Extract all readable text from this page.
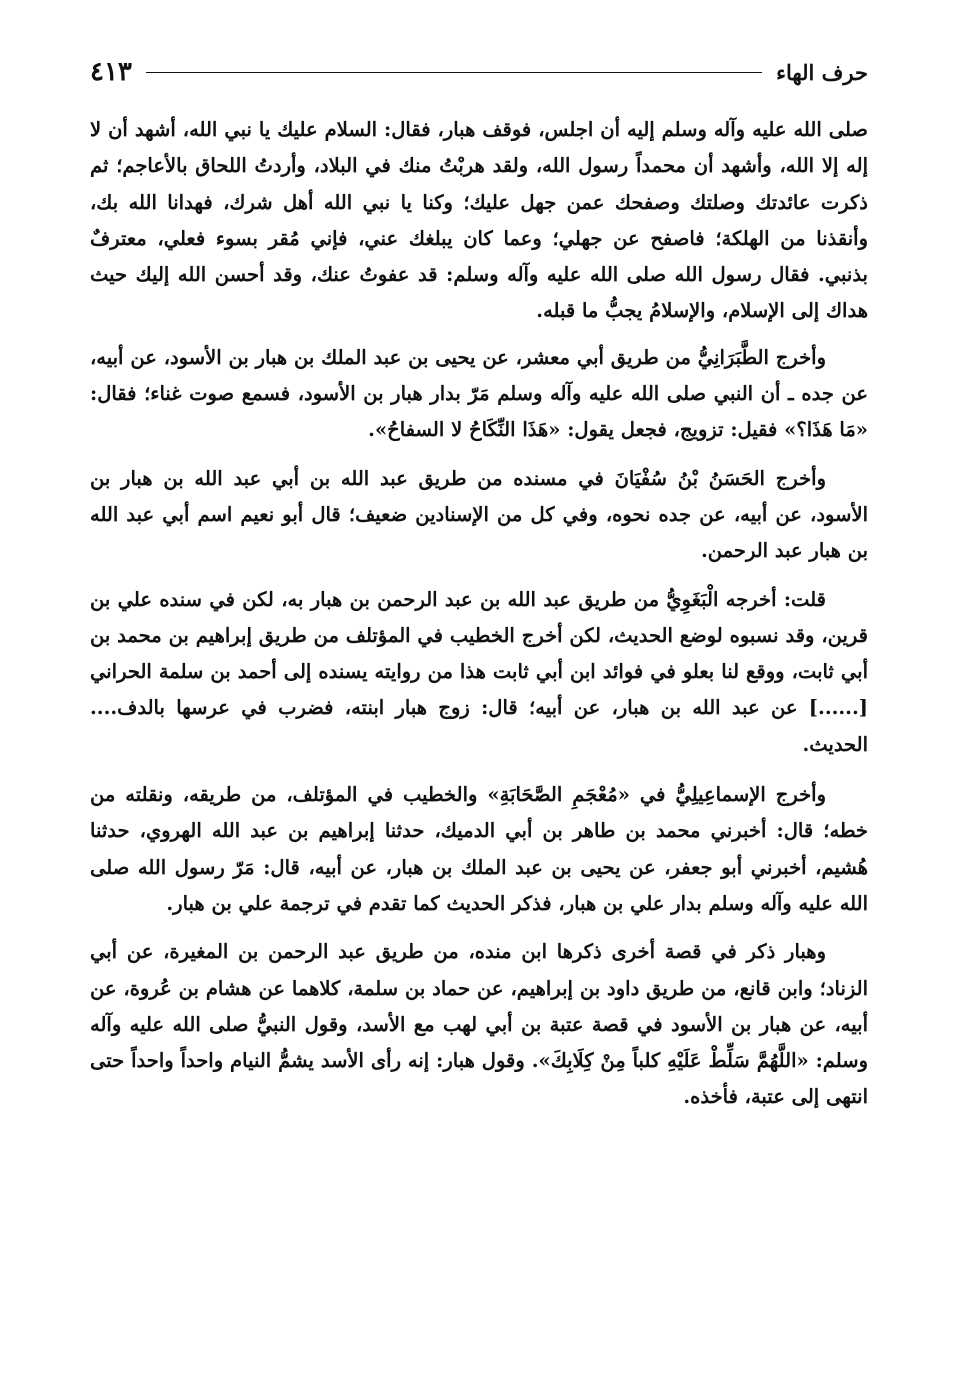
حرف الهاء
٤١٣

صلى الله عليه وآله وسلم إليه أن اجلس، فوقف هبار، فقال: السلام عليك يا نبي الله، أشهد أن لا إله إلا الله، وأشهد أن محمداً رسول الله، ولقد هربْتُ منك في البلاد، وأردتُ اللحاق بالأعاجم؛ ثم ذكرت عائدتك وصلتك وصفحك عمن جهل عليك؛ وكنا يا نبي الله أهل شرك، فهدانا الله بك، وأنقذنا من الهلكة؛ فاصفح عن جهلي؛ وعما كان يبلغك عني، فإني مُقر بسوء فعلي، معترفٌ بذنبي. فقال رسول الله صلى الله عليه وآله وسلم: قد عفوتُ عنك، وقد أحسن الله إليك حيث هداك إلى الإسلام، والإسلامُ يجبُّ ما قبله.

وأخرج الطَّبَرَانِيُّ من طريق أبي معشر، عن يحيى بن عبد الملك بن هبار بن الأسود، عن أبيه، عن جده ـ أن النبي صلى الله عليه وآله وسلم مَرّ بدار هبار بن الأسود، فسمع صوت غناء؛ فقال: «مَا هَذَا؟» فقيل: تزويج، فجعل يقول: «هَذَا النِّكَاحُ لا السفاحُ».

وأخرج الحَسَنُ بْنُ سُفْيَانَ في مسنده من طريق عبد الله بن أبي عبد الله بن هبار بن الأسود، عن أبيه، عن جده نحوه، وفي كل من الإسنادين ضعيف؛ قال أبو نعيم اسم أبي عبد الله بن هبار عبد الرحمن.

قلت: أخرجه الْبَغَوِيُّ من طريق عبد الله بن عبد الرحمن بن هبار به، لكن في سنده علي بن قرين، وقد نسبوه لوضع الحديث، لكن أخرج الخطيب في المؤتلف من طريق إبراهيم بن محمد بن أبي ثابت، ووقع لنا بعلو في فوائد ابن أبي ثابت هذا من روايته يسنده إلى أحمد بن سلمة الحراني [......] عن عبد الله بن هبار، عن أبيه؛ قال: زوج هبار ابنته، فضرب في عرسها بالدف.... الحديث.

وأخرج الإسماعِيلِيُّ في «مُعْجَمِ الصَّحَابَةِ» والخطيب في المؤتلف، من طريقه، ونقلته من خطه؛ قال: أخبرني محمد بن طاهر بن أبي الدميك، حدثنا إبراهيم بن عبد الله الهروي، حدثنا هُشيم، أخبرني أبو جعفر، عن يحيى بن عبد الملك بن هبار، عن أبيه، قال: مَرّ رسول الله صلى الله عليه وآله وسلم بدار علي بن هبار، فذكر الحديث كما تقدم في ترجمة علي بن هبار.

وهبار ذكر في قصة أخرى ذكرها ابن منده، من طريق عبد الرحمن بن المغيرة، عن أبي الزناد؛ وابن قانع، من طريق داود بن إبراهيم، عن حماد بن سلمة، كلاهما عن هشام بن عُروة، عن أبيه، عن هبار بن الأسود في قصة عتبة بن أبي لهب مع الأسد، وقول النبيُّ صلى الله عليه وآله وسلم: «اللَّهُمَّ سَلِّطْ عَلَيْهِ كلباً مِنْ كِلَابِكَ». وقول هبار: إنه رأى الأسد يشمُّ النيام واحداً واحداً حتى انتهى إلى عتبة، فأخذه.
